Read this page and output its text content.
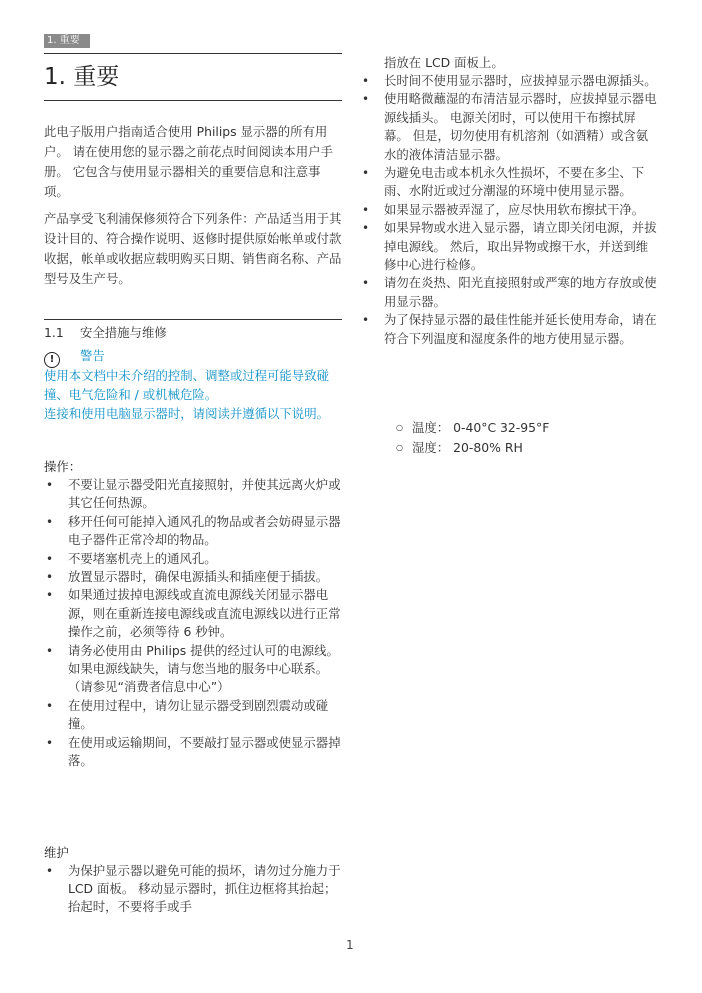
1. 重要
1. 重要

此电子版用户指南适合使用 Philips 显示器的所有用户。 请在使用您的显示器之前花点时间阅读本用户手册。 它包含与使用显示器相关的重要信息和注意事项。

产品享受飞利浦保修须符合下列条件：产品适当用于其设计目的、符合操作说明、返修时提供原始帐单或付款收据，帐单或收据应载明购买日期、销售商名称、产品型号及生产号。

1.1 安全措施与维修
! 警告

使用本文档中未介绍的控制、调整或过程可能导致碰撞、电气危险和 / 或机械危险。

连接和使用电脑显示器时，请阅读并遵循以下说明。

操作：
• 不要让显示器受阳光直接照射，并使其远离火炉或其它任何热源。
• 移开任何可能掉入通风孔的物品或者会妨碍显示器电子器件正常冷却的物品。
• 不要堵塞机壳上的通风孔。
• 放置显示器时，确保电源插头和插座便于插拔。
• 如果通过拔掉电源线或直流电源线关闭显示器电源，则在重新连接电源线或直流电源线以进行正常操作之前，必须等待 6 秒钟。
• 请务必使用由 Philips 提供的经过认可的电源线。 如果电源线缺失，请与您当地的服务中心联系。 （请参见“消费者信息中心”）
• 在使用过程中，请勿让显示器受到剧烈震动或碰撞。
• 在使用或运输期间，不要敲打显示器或使显示器掉落。
维护
• 为保护显示器以避免可能的损坏，请勿过分施力于 LCD 面板。 移动显示器时，抓住边框将其抬起；抬起时，不要将手或手
指放在 LCD 面板上。
• 长时间不使用显示器时，应拔掉显示器电源插头。
• 使用略微蘸湿的布清洁显示器时，应拔掉显示器电源线插头。 电源关闭时，可以使用干布擦拭屏幕。 但是，切勿使用有机溶剂（如酒精）或含氨水的液体清洁显示器。
• 为避免电击或本机永久性损坏，不要在多尘、下雨、水附近或过分潮湿的环境中使用显示器。
• 如果显示器被弄湿了，应尽快用软布擦拭干净。
• 如果异物或水进入显示器，请立即关闭电源，并拔掉电源线。 然后，取出异物或擦干水，并送到维修中心进行检修。
• 请勿在炎热、阳光直接照射或严寒的地方存放或使用显示器。
• 为了保持显示器的最佳性能并延长使用寿命，请在符合下列温度和湿度条件的地方使用显示器。
○ 温度： 0-40°C 32-95°F
○ 湿度： 20-80% RH
1
